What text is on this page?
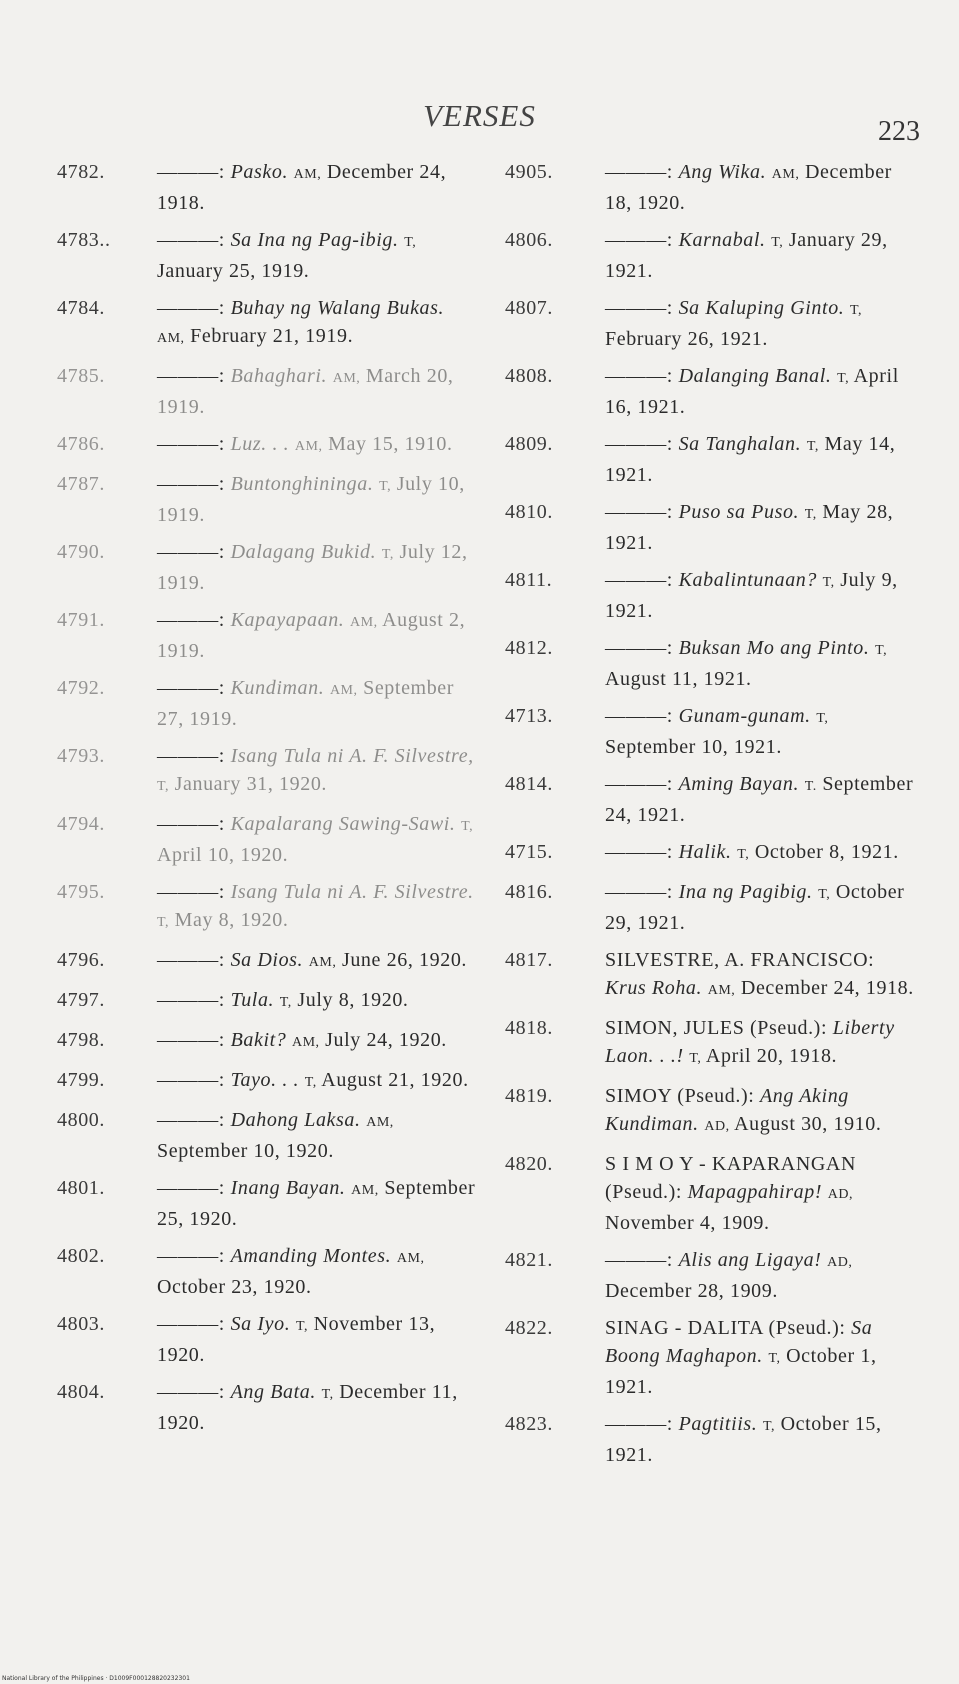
VERSES	223
4782.	———: Pasko. AM, December 24, 1918.
4783..	———: Sa Ina ng Pag-ibig. T, January 25, 1919.
4784.	———: Buhay ng Walang Bukas. AM, February 21, 1919.
4785.	———: Bahaghari. AM, March 20, 1919.
4786.	———: Luz. . . AM, May 15, 1910.
4787.	———: Buntonghininga. T, July 10, 1919.
4790.	———: Dalagang Bukid. T, July 12, 1919.
4791.	———: Kapayapaan. AM, August 2, 1919.
4792.	———: Kundiman. AM, September 27, 1919.
4793.	———: Isang Tula ni A. F. Silvestre, T, January 31, 1920.
4794.	———: Kapalarang Sawing-Sawi. T, April 10, 1920.
4795.	———: Isang Tula ni A. F. Silvestre. T, May 8, 1920.
4796.	———: Sa Dios. AM, June 26, 1920.
4797.	———: Tula. T, July 8, 1920.
4798.	———: Bakit? AM, July 24, 1920.
4799.	———: Tayo. . . T, August 21, 1920.
4800.	———: Dahong Laksa. AM, September 10, 1920.
4801.	———: Inang Bayan. AM, September 25, 1920.
4802.	———: Amanding Montes. AM, October 23, 1920.
4803.	———: Sa Iyo. T, November 13, 1920.
4804.	———: Ang Bata. T, December 11, 1920.
4905.	———: Ang Wika. AM, December 18, 1920.
4806.	———: Karnabal. T, January 29, 1921.
4807.	———: Sa Kaluping Ginto. T, February 26, 1921.
4808.	———: Dalanging Banal. T, April 16, 1921.
4809.	———: Sa Tanghalan. T, May 14, 1921.
4810.	———: Puso sa Puso. T, May 28, 1921.
4811.	———: Kabalintunaan? T, July 9, 1921.
4812.	———: Buksan Mo ang Pinto. T, August 11, 1921.
4713.	———: Gunam-gunam. T, September 10, 1921.
4814.	———: Aming Bayan. T. September 24, 1921.
4715.	———: Halik. T, October 8, 1921.
4816.	———: Ina ng Pagibig. T, October 29, 1921.
4817.	SILVESTRE, A. FRANCISCO: Krus Roha. AM, December 24, 1918.
4818.	SIMON, JULES (Pseud.): Liberty Laon. . .! T, April 20, 1918.
4819.	SIMOY (Pseud.): Ang Aking Kundiman. AD, August 30, 1910.
4820.	S I M O Y - KAPARANGAN (Pseud.): Mapagpahirap! AD, November 4, 1909.
4821.	———: Alis ang Ligaya! AD, December 28, 1909.
4822.	SINAG - DALITA (Pseud.): Sa Boong Maghapon. T, October 1, 1921.
4823.	———: Pagtitiis. T, October 15, 1921.
National Library of the Philippines · D1009F000128820232301
